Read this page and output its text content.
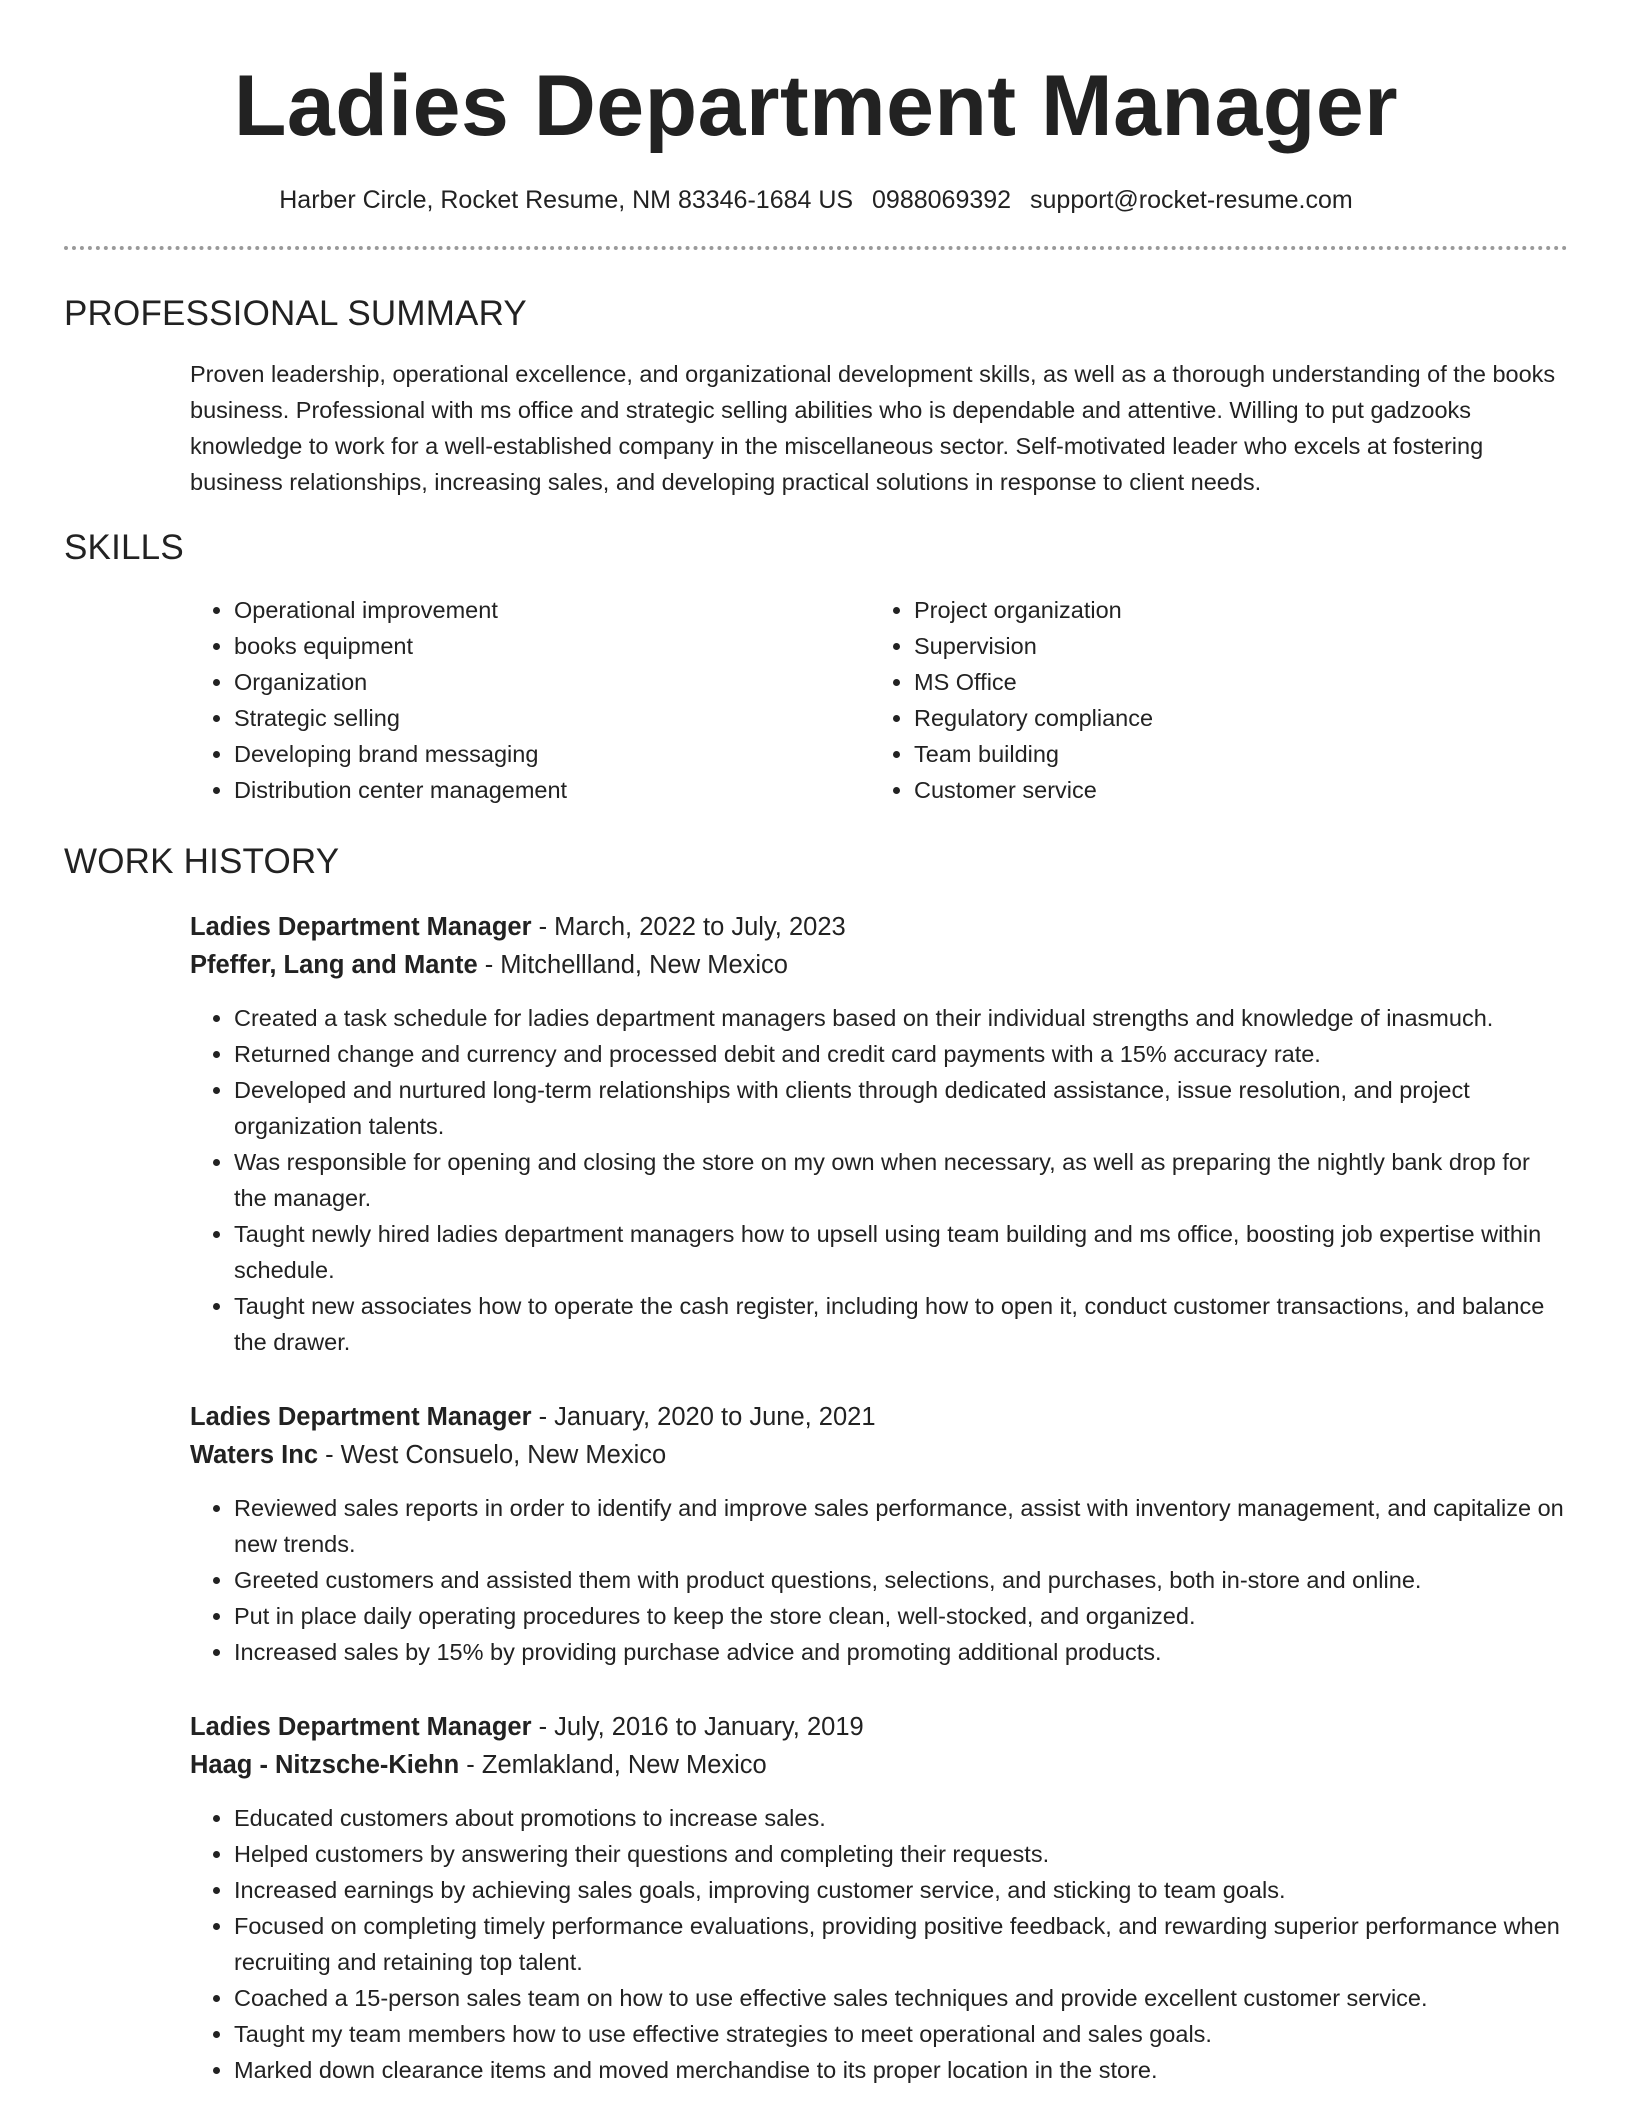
Ladies Department Manager
Harber Circle, Rocket Resume, NM 83346-1684 US 0988069392 support@rocket-resume.com
PROFESSIONAL SUMMARY

Proven leadership, operational excellence, and organizational development skills, as well as a thorough understanding of the books business. Professional with ms office and strategic selling abilities who is dependable and attentive. Willing to put gadzooks knowledge to work for a well-established company in the miscellaneous sector. Self-motivated leader who excels at fostering business relationships, increasing sales, and developing practical solutions in response to client needs.

SKILLS
• Operational improvement
• books equipment
• Organization
• Strategic selling
• Developing brand messaging
• Distribution center management
• Project organization
• Supervision
• MS Office
• Regulatory compliance
• Team building
• Customer service
WORK HISTORY
Ladies Department Manager - March, 2022 to July, 2023
Pfeffer, Lang and Mante - Mitchellland, New Mexico
• Created a task schedule for ladies department managers based on their individual strengths and knowledge of inasmuch.
• Returned change and currency and processed debit and credit card payments with a 15% accuracy rate.
• Developed and nurtured long-term relationships with clients through dedicated assistance, issue resolution, and project organization talents.
• Was responsible for opening and closing the store on my own when necessary, as well as preparing the nightly bank drop for the manager.
• Taught newly hired ladies department managers how to upsell using team building and ms office, boosting job expertise within schedule.
• Taught new associates how to operate the cash register, including how to open it, conduct customer transactions, and balance the drawer.
Ladies Department Manager - January, 2020 to June, 2021
Waters Inc - West Consuelo, New Mexico
• Reviewed sales reports in order to identify and improve sales performance, assist with inventory management, and capitalize on new trends.
• Greeted customers and assisted them with product questions, selections, and purchases, both in-store and online.
• Put in place daily operating procedures to keep the store clean, well-stocked, and organized.
• Increased sales by 15% by providing purchase advice and promoting additional products.
Ladies Department Manager - July, 2016 to January, 2019
Haag - Nitzsche-Kiehn - Zemlakland, New Mexico
• Educated customers about promotions to increase sales.
• Helped customers by answering their questions and completing their requests.
• Increased earnings by achieving sales goals, improving customer service, and sticking to team goals.
• Focused on completing timely performance evaluations, providing positive feedback, and rewarding superior performance when recruiting and retaining top talent.
• Coached a 15-person sales team on how to use effective sales techniques and provide excellent customer service.
• Taught my team members how to use effective strategies to meet operational and sales goals.
• Marked down clearance items and moved merchandise to its proper location in the store.
